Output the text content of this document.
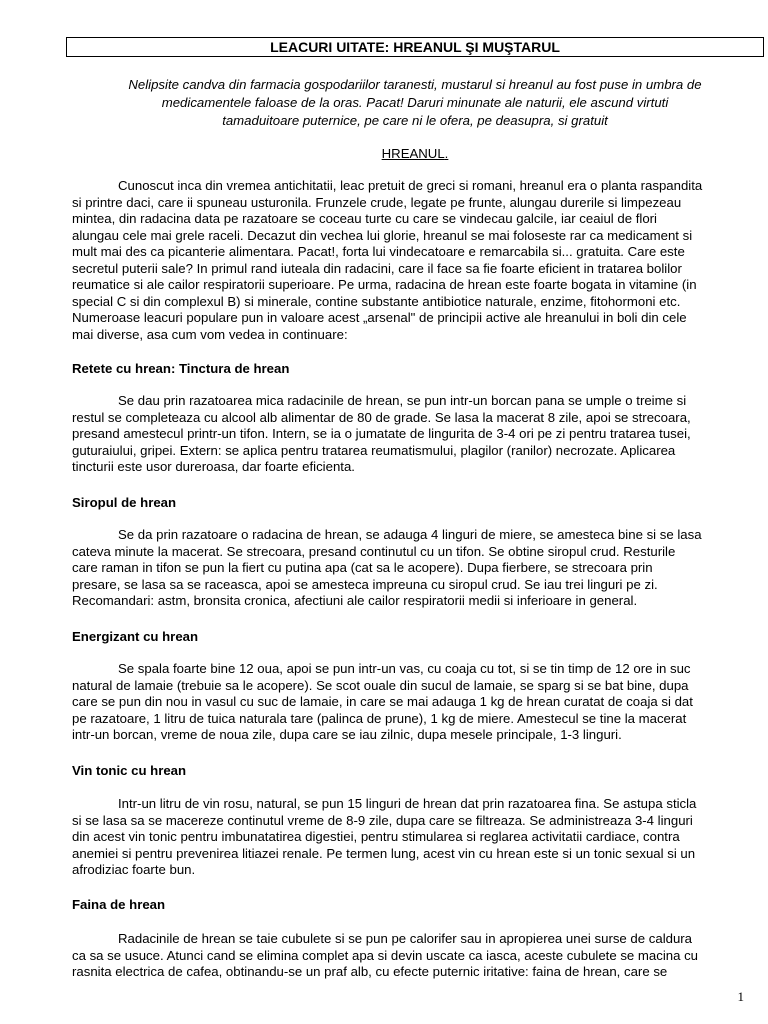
LEACURI UITATE: HREANUL ŞI MUŞTARUL

Nelipsite candva din farmacia gospodariilor taranesti, mustarul si hreanul au fost puse in umbra de
medicamentele faloase de la oras. Pacat! Daruri minunate ale naturii, ele ascund virtuti
tamaduitoare puternice, pe care ni le ofera, pe deasupra, si gratuit

HREANUL.

Cunoscut inca din vremea antichitatii, leac pretuit de greci si romani, hreanul era o planta raspandita
si printre daci, care ii spuneau usturonila. Frunzele crude, legate pe frunte, alungau durerile si limpezeau
mintea, din radacina data pe razatoare se coceau turte cu care se vindecau galcile, iar ceaiul de flori
alungau cele mai grele raceli. Decazut din vechea lui glorie, hreanul se mai foloseste rar ca medicament si
mult mai des ca picanterie alimentara. Pacat!, forta lui vindecatoare e remarcabila si... gratuita. Care este
secretul puterii sale? In primul rand iuteala din radacini, care il face sa fie foarte eficient in tratarea bolilor
reumatice si ale cailor respiratorii superioare. Pe urma, radacina de hrean este foarte bogata in vitamine (in
special C si din complexul B) si minerale, contine substante antibiotice naturale, enzime, fitohormoni etc.
Numeroase leacuri populare pun in valoare acest „arsenal" de principii active ale hreanului in boli din cele
mai diverse, asa cum vom vedea in continuare:

Retete cu hrean: Tinctura de hrean

Se dau prin razatoarea mica radacinile de hrean, se pun intr-un borcan pana se umple o treime si
restul se completeaza cu alcool alb alimentar de 80 de grade. Se lasa la macerat 8 zile, apoi se strecoara,
presand amestecul printr-un tifon. Intern, se ia o jumatate de lingurita de 3-4 ori pe zi pentru tratarea tusei,
guturaiului, gripei. Extern: se aplica pentru tratarea reumatismului, plagilor (ranilor) necrozate. Aplicarea
tincturii este usor dureroasa, dar foarte eficienta.

Siropul de hrean

Se da prin razatoare o radacina de hrean, se adauga 4 linguri de miere, se amesteca bine si se lasa
cateva minute la macerat. Se strecoara, presand continutul cu un tifon. Se obtine siropul crud. Resturile
care raman in tifon se pun la fiert cu putina apa (cat sa le acopere). Dupa fierbere, se strecoara prin
presare, se lasa sa se raceasca, apoi se amesteca impreuna cu siropul crud. Se iau trei linguri pe zi.
Recomandari: astm, bronsita cronica, afectiuni ale cailor respiratorii medii si inferioare in general.

Energizant cu hrean

Se spala foarte bine 12 oua, apoi se pun intr-un vas, cu coaja cu tot, si se tin timp de 12 ore in suc
natural de lamaie (trebuie sa le acopere). Se scot ouale din sucul de lamaie, se sparg si se bat bine, dupa
care se pun din nou in vasul cu suc de lamaie, in care se mai adauga 1 kg de hrean curatat de coaja si dat
pe razatoare, 1 litru de tuica naturala tare (palinca de prune), 1 kg de miere. Amestecul se tine la macerat
intr-un borcan, vreme de noua zile, dupa care se iau zilnic, dupa mesele principale, 1-3 linguri.

Vin tonic cu hrean

Intr-un litru de vin rosu, natural, se pun 15 linguri de hrean dat prin razatoarea fina. Se astupa sticla
si se lasa sa se macereze continutul vreme de 8-9 zile, dupa care se filtreaza. Se administreaza 3-4 linguri
din acest vin tonic pentru imbunatatirea digestiei, pentru stimularea si reglarea activitatii cardiace, contra
anemiei si pentru prevenirea litiazei renale. Pe termen lung, acest vin cu hrean este si un tonic sexual si un
afrodiziac foarte bun.

Faina de hrean

Radacinile de hrean se taie cubulete si se pun pe calorifer sau in apropierea unei surse de caldura
ca sa se usuce. Atunci cand se elimina complet apa si devin uscate ca iasca, aceste cubulete se macina cu
rasnita electrica de cafea, obtinandu-se un praf alb, cu efecte puternic iritative: faina de hrean, care se

1
